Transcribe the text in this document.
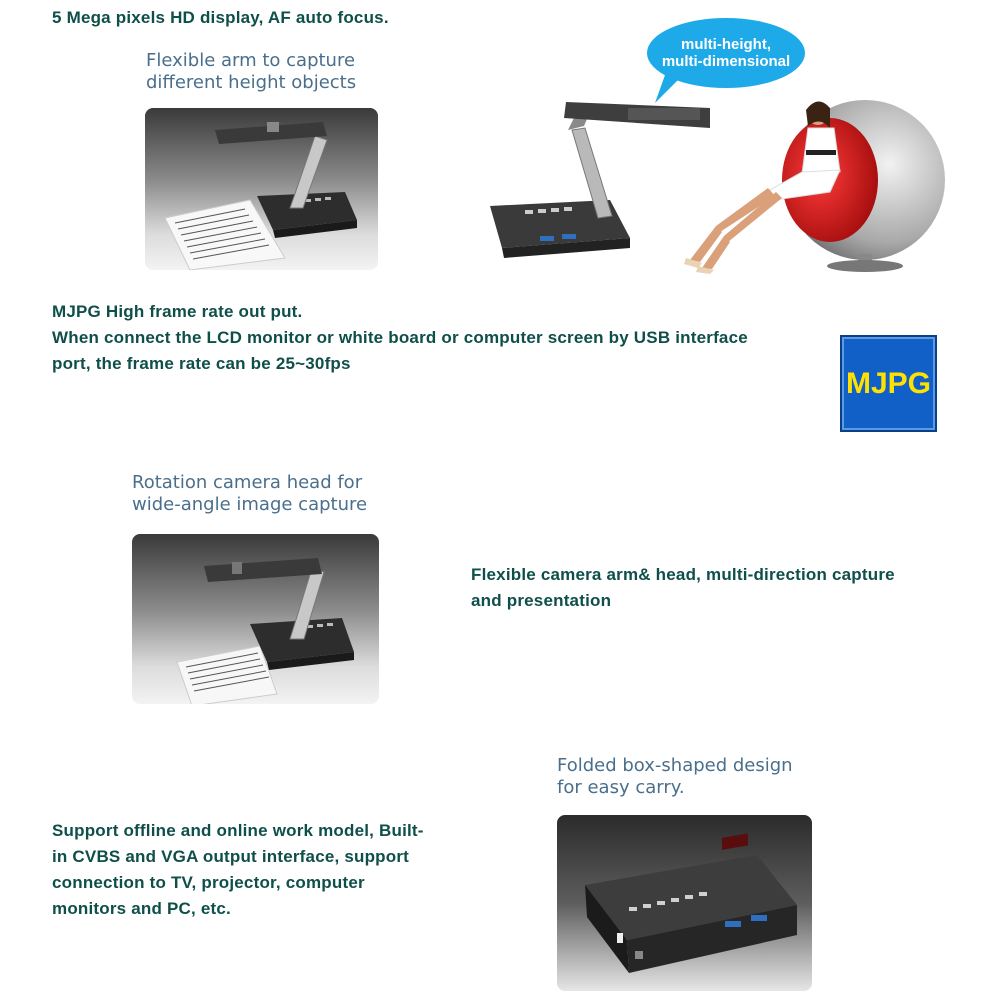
5 Mega pixels HD display, AF auto focus.
Flexible arm to capture
different height objects
multi-height,
multi-dimensional
MJPG High frame rate out put.
When connect the LCD monitor or white board or computer screen by USB interface
port, the frame rate can be 25~30fps
MJPG
Rotation camera head for
wide-angle image capture
Flexible camera arm& head, multi-direction capture
and presentation
Folded box-shaped design
for easy carry.
Support offline and online work model, Built-
in CVBS and VGA output interface, support
connection to TV, projector, computer
monitors and PC, etc.
